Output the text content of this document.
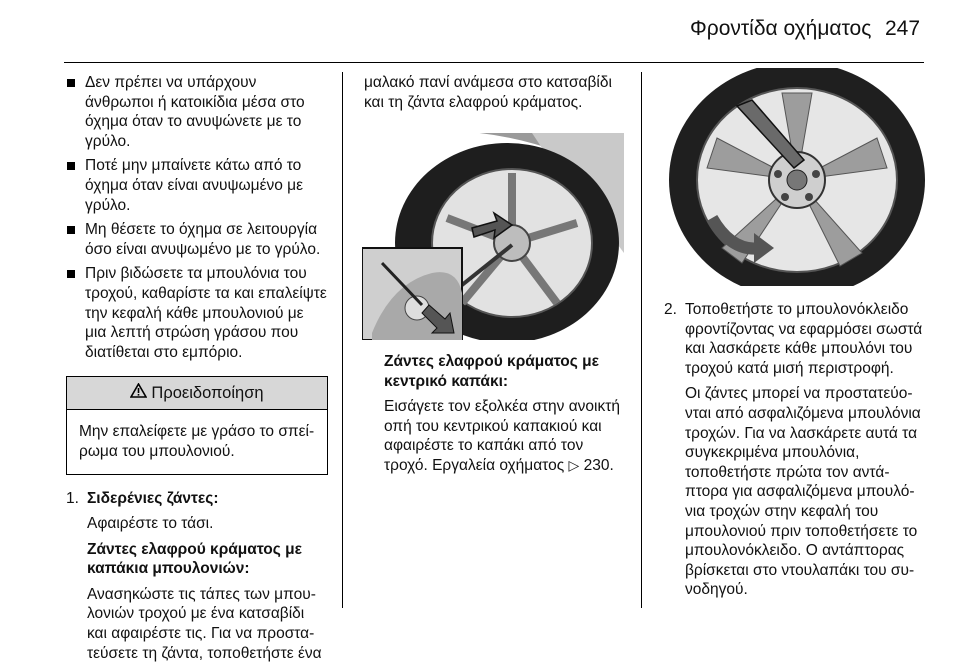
Φροντίδα οχήματος 247
Δεν πρέπει να υπάρχουν άνθρωποι ή κατοικίδια μέσα στο όχημα όταν το ανυψώνετε με το γρύλο.
Ποτέ μην μπαίνετε κάτω από το όχημα όταν είναι ανυψωμένο με γρύλο.
Μη θέσετε το όχημα σε λειτουργία όσο είναι ανυψωμένο με το γρύλο.
Πριν βιδώσετε τα μπουλόνια του τροχού, καθαρίστε τα και επαλείψτε την κεφαλή κάθε μπουλονιού με μια λεπτή στρώση γράσου που διατίθεται στο εμπόριο.
Προειδοποίηση
Μην επαλείφετε με γράσο το σπείρωμα του μπουλονιού.
1. Σιδερένιες ζάντες:

Αφαιρέστε το τάσι.

Ζάντες ελαφρού κράματος με καπάκια μπουλονιών:

Ανασηκώστε τις τάπες των μπουλονιών τροχού με ένα κατσαβίδι και αφαιρέστε τις. Για να προστατεύσετε τη ζάντα, τοποθετήστε ένα

μαλακό πανί ανάμεσα στο κατσαβίδι και τη ζάντα ελαφρού κράματος.

Ζάντες ελαφρού κράματος με κεντρικό καπάκι:

Εισάγετε τον εξολκέα στην ανοικτή οπή του κεντρικού καπακιού και αφαιρέστε το καπάκι από τον τροχό. Εργαλεία οχήματος ▷ 230.

2. Τοποθετήστε το μπουλονόκλειδο φροντίζοντας να εφαρμόσει σωστά και λασκάρετε κάθε μπουλόνι του τροχού κατά μισή περιστροφή.

Οι ζάντες μπορεί να προστατεύονται από ασφαλιζόμενα μπουλόνια τροχών. Για να λασκάρετε αυτά τα συγκεκριμένα μπουλόνια, τοποθετήστε πρώτα τον αντάπτορα για ασφαλιζόμενα μπουλόνια τροχών στην κεφαλή του μπουλονιού πριν τοποθετήσετε το μπουλονόκλειδο. Ο αντάπτορας βρίσκεται στο ντουλαπάκι του συνοδηγού.
